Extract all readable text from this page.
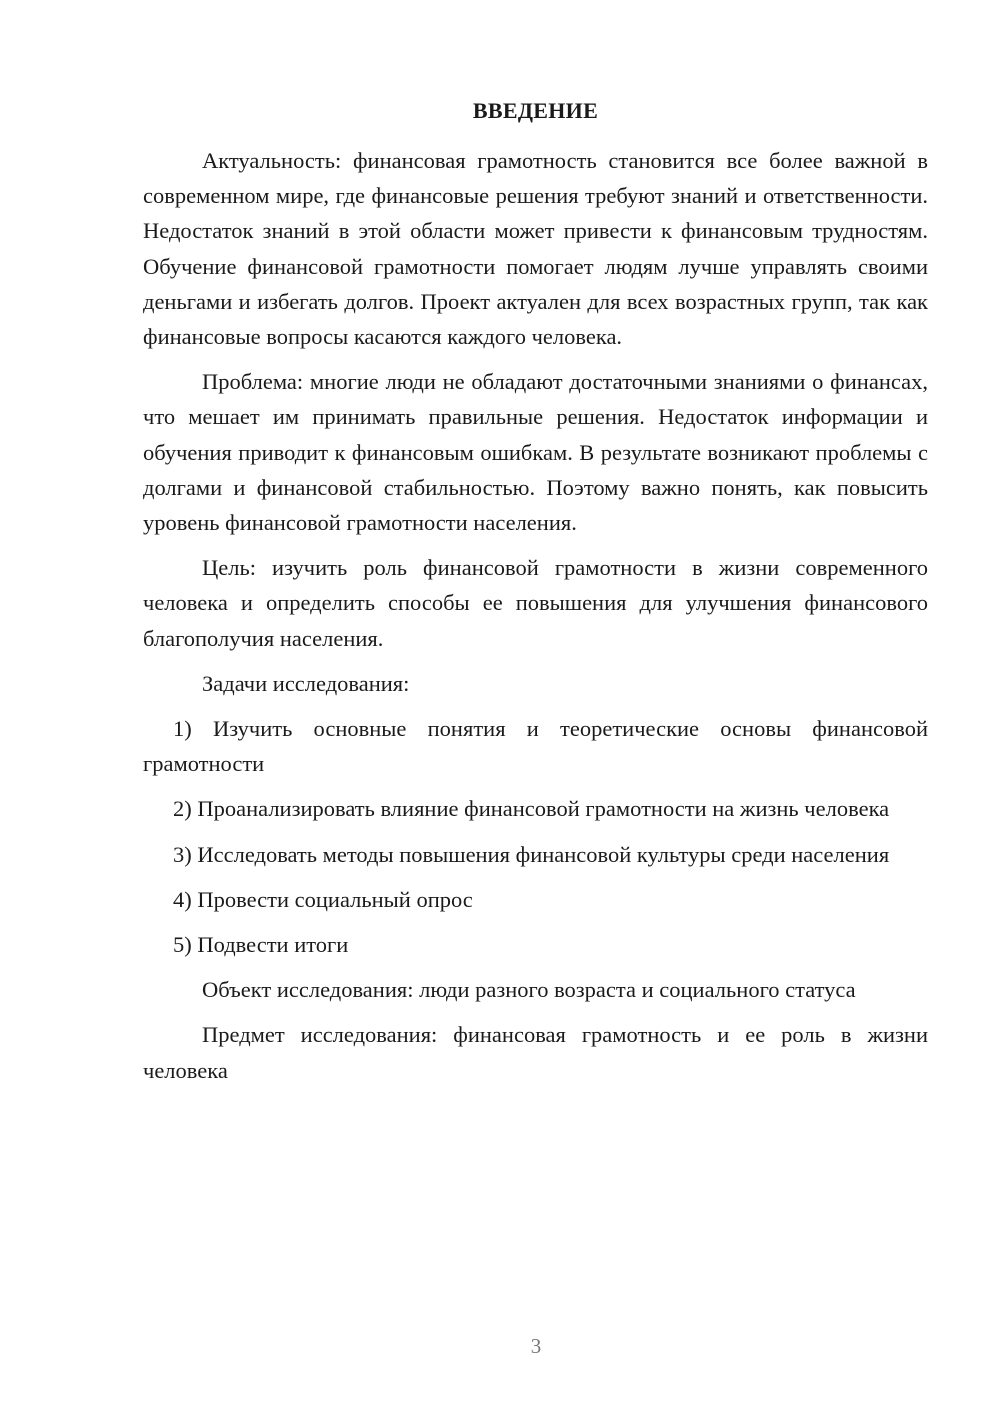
ВВЕДЕНИЕ

Актуальность: финансовая грамотность становится все более важной в современном мире, где финансовые решения требуют знаний и ответственности. Недостаток знаний в этой области может привести к финансовым трудностям. Обучение финансовой грамотности помогает людям лучше управлять своими деньгами и избегать долгов. Проект актуален для всех возрастных групп, так как финансовые вопросы касаются каждого человека.

Проблема: многие люди не обладают достаточными знаниями о финансах, что мешает им принимать правильные решения. Недостаток информации и обучения приводит к финансовым ошибкам. В результате возникают проблемы с долгами и финансовой стабильностью. Поэтому важно понять, как повысить уровень финансовой грамотности населения.

Цель: изучить роль финансовой грамотности в жизни современного человека и определить способы ее повышения для улучшения финансового благополучия населения.

Задачи исследования:

1) Изучить основные понятия и теоретические основы финансовой грамотности

2) Проанализировать влияние финансовой грамотности на жизнь человека

3) Исследовать методы повышения финансовой культуры среди населения

4) Провести социальный опрос

5) Подвести итоги

Объект исследования: люди разного возраста и социального статуса

Предмет исследования: финансовая грамотность и ее роль в жизни человека

3
